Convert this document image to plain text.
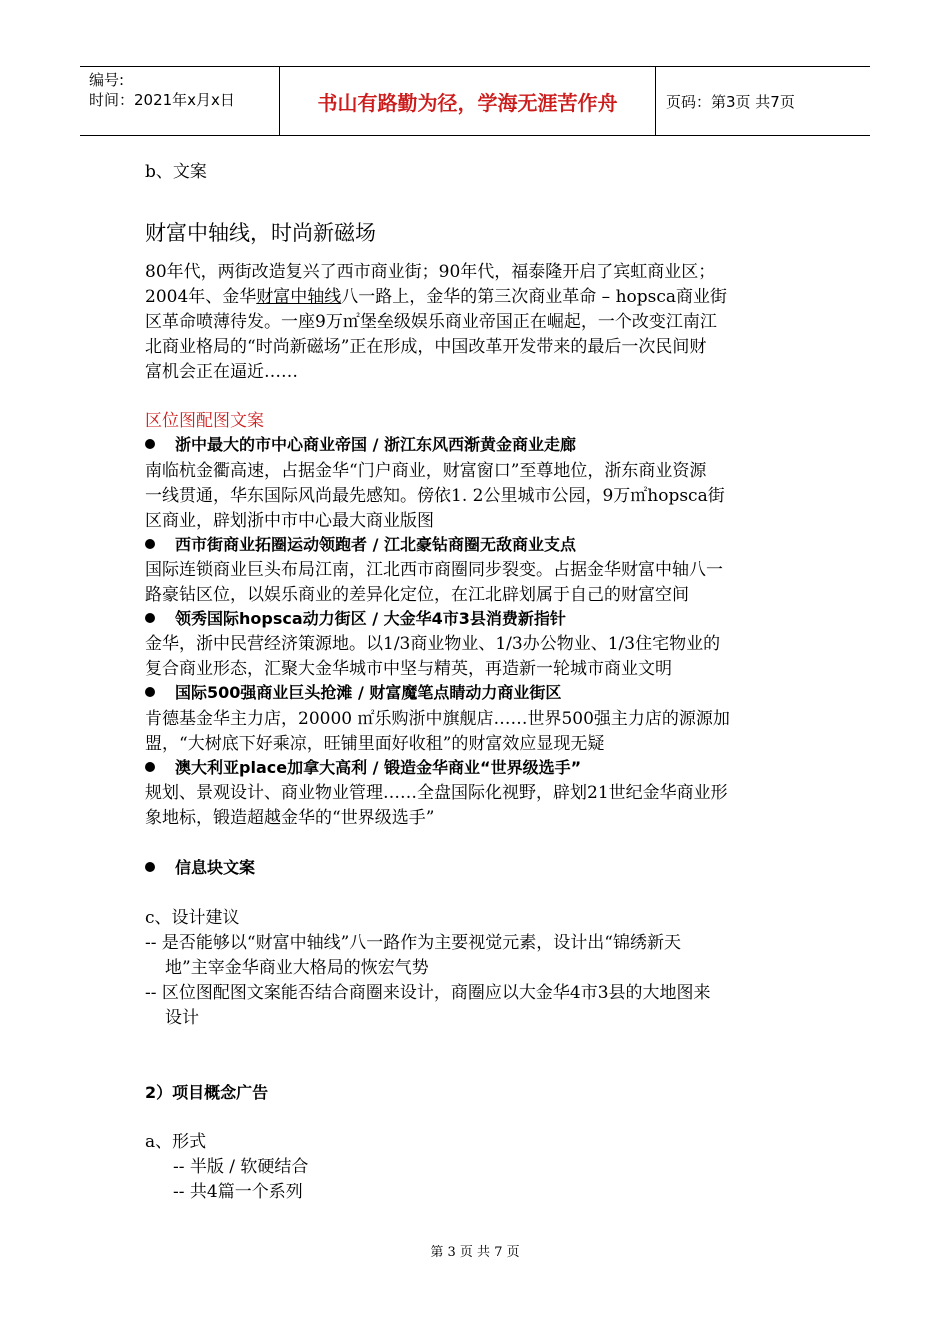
编号:
时间：2021年x月x日	书山有路勤为径，学海无涯苦作舟	页码：第3页 共7页
b、文案
财富中轴线，时尚新磁场
80年代，两街改造复兴了西市商业街；90年代，福泰隆开启了宾虹商业区；
2004年、金华财富中轴线八一路上，金华的第三次商业革命 – hopsca商业街
区革命喷薄待发。一座9万㎡堡垒级娱乐商业帝国正在崛起，一个改变江南江
北商业格局的“时尚新磁场”正在形成，中国改革开发带来的最后一次民间财
富机会正在逼近……
区位图配图文案
浙中最大的市中心商业帝国 / 浙江东风西渐黄金商业走廊
南临杭金衢高速，占据金华“门户商业，财富窗口”至尊地位，浙东商业资源
一线贯通，华东国际风尚最先感知。傍依1. 2公里城市公园，9万㎡hopsca街
区商业，辟划浙中市中心最大商业版图
西市街商业拓圈运动领跑者 / 江北豪钻商圈无敌商业支点
国际连锁商业巨头布局江南，江北西市商圈同步裂变。占据金华财富中轴八一
路豪钻区位，以娱乐商业的差异化定位，在江北辟划属于自己的财富空间
领秀国际hopsca动力街区 / 大金华4市3县消费新指针
金华，浙中民营经济策源地。以1/3商业物业、1/3办公物业、1/3住宅物业的
复合商业形态，汇聚大金华城市中坚与精英，再造新一轮城市商业文明
国际500强商业巨头抢滩 / 财富魔笔点睛动力商业街区
肯德基金华主力店，20000 ㎡乐购浙中旗舰店……世界500强主力店的源源加
盟，“大树底下好乘凉，旺铺里面好收租”的财富效应显现无疑
澳大利亚place加拿大高利 / 锻造金华商业“世界级选手”
规划、景观设计、商业物业管理……全盘国际化视野，辟划21世纪金华商业形
象地标，锻造超越金华的“世界级选手”
信息块文案
c、设计建议
-- 是否能够以“财富中轴线”八一路作为主要视觉元素，设计出“锦绣新天
地”主宰金华商业大格局的恢宏气势
-- 区位图配图文案能否结合商圈来设计，商圈应以大金华4市3县的大地图来
设计
2）项目概念广告
a、形式
-- 半版 / 软硬结合
-- 共4篇一个系列
第 3 页 共 7 页
